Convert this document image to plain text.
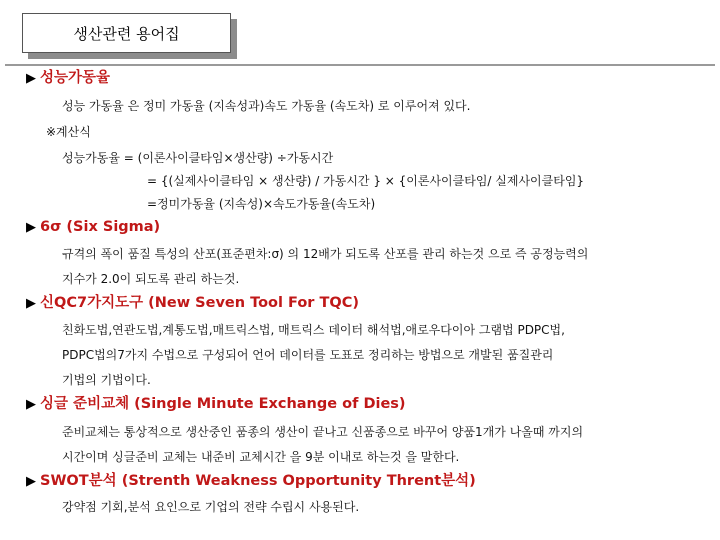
생산관련 용어집
▶ 성능가동율
성능 가동율 은 정미 가동율 (지속성과)속도 가동율 (속도차) 로 이루어져 있다.
※계산식
성능가동율 = (이론사이클타임×생산량) ÷가동시간
= {(실제사이클타임 × 생산량) / 가동시간 } × {이론사이클타임/ 실제사이클타임}
=정미가동율 (지속성)×속도가동율(속도차)
▶ 6σ (Six Sigma)
규격의 폭이 품질 특성의 산포(표준편차:σ) 의 12배가 되도록 산포를 관리 하는것 으로 즉 공정능력의
지수가 2.0이 되도록 관리 하는것.
▶ 신QC7가지도구 (New Seven Tool For TQC)
친화도법,연관도법,계통도법,매트릭스법, 매트릭스 데이터 해석법,애로우다이아 그램법 PDPC법,
PDPC법의7가지 수법으로 구성되어 언어 데이터를 도표로 정리하는 방법으로 개발된 품질관리
기법의 기법이다.
▶ 싱글 준비교체 (Single Minute Exchange of Dies)
준비교체는 통상적으로 생산중인 품종의 생산이 끝나고 신품종으로 바꾸어 양품1개가 나올때 까지의
시간이며 싱글준비 교체는 내준비 교체시간 을 9분 이내로 하는것 을 말한다.
▶ SWOT분석 (Strenth Weakness Opportunity Thrent분석)
강약점 기회,분석 요인으로 기업의 전략 수립시 사용된다.
